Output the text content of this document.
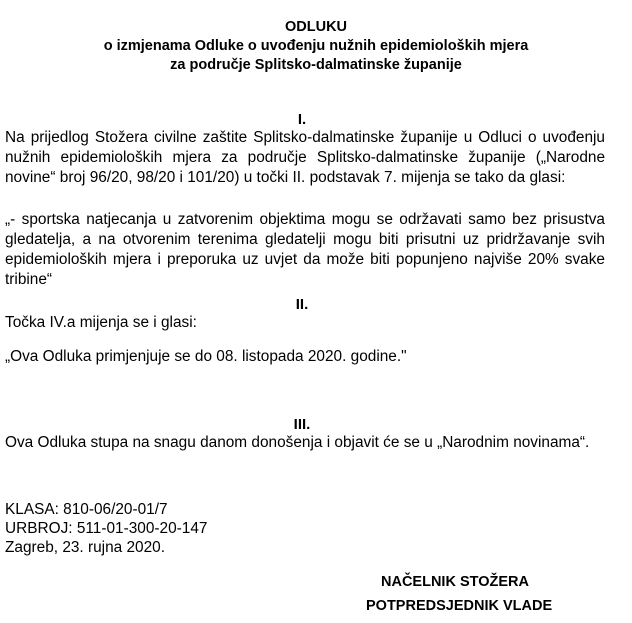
ODLUKU
o izmjenama Odluke o uvođenju nužnih epidemioloških mjera
za područje Splitsko-dalmatinske županije
I.
Na prijedlog Stožera civilne zaštite Splitsko-dalmatinske županije u Odluci o uvođenju nužnih epidemioloških mjera za područje Splitsko-dalmatinske županije („Narodne novine“ broj 96/20, 98/20 i 101/20) u točki II. podstavak 7. mijenja se tako da glasi:
„- sportska natjecanja u zatvorenim objektima mogu se održavati samo bez prisustva gledatelja, a na otvorenim terenima gledatelji mogu biti prisutni uz pridržavanje svih epidemioloških mjera i preporuka uz uvjet da može biti popunjeno najviše 20% svake tribine“
II.
Točka IV.a mijenja se i glasi:
„Ova Odluka primjenjuje se do 08. listopada 2020. godine."
III.
Ova Odluka stupa na snagu danom donošenja i objavit će se u „Narodnim novinama“.
KLASA: 810-06/20-01/7
URBROJ: 511-01-300-20-147
Zagreb, 23. rujna 2020.
NAČELNIK STOŽERA
POTPREDSJEDNIK VLADE
